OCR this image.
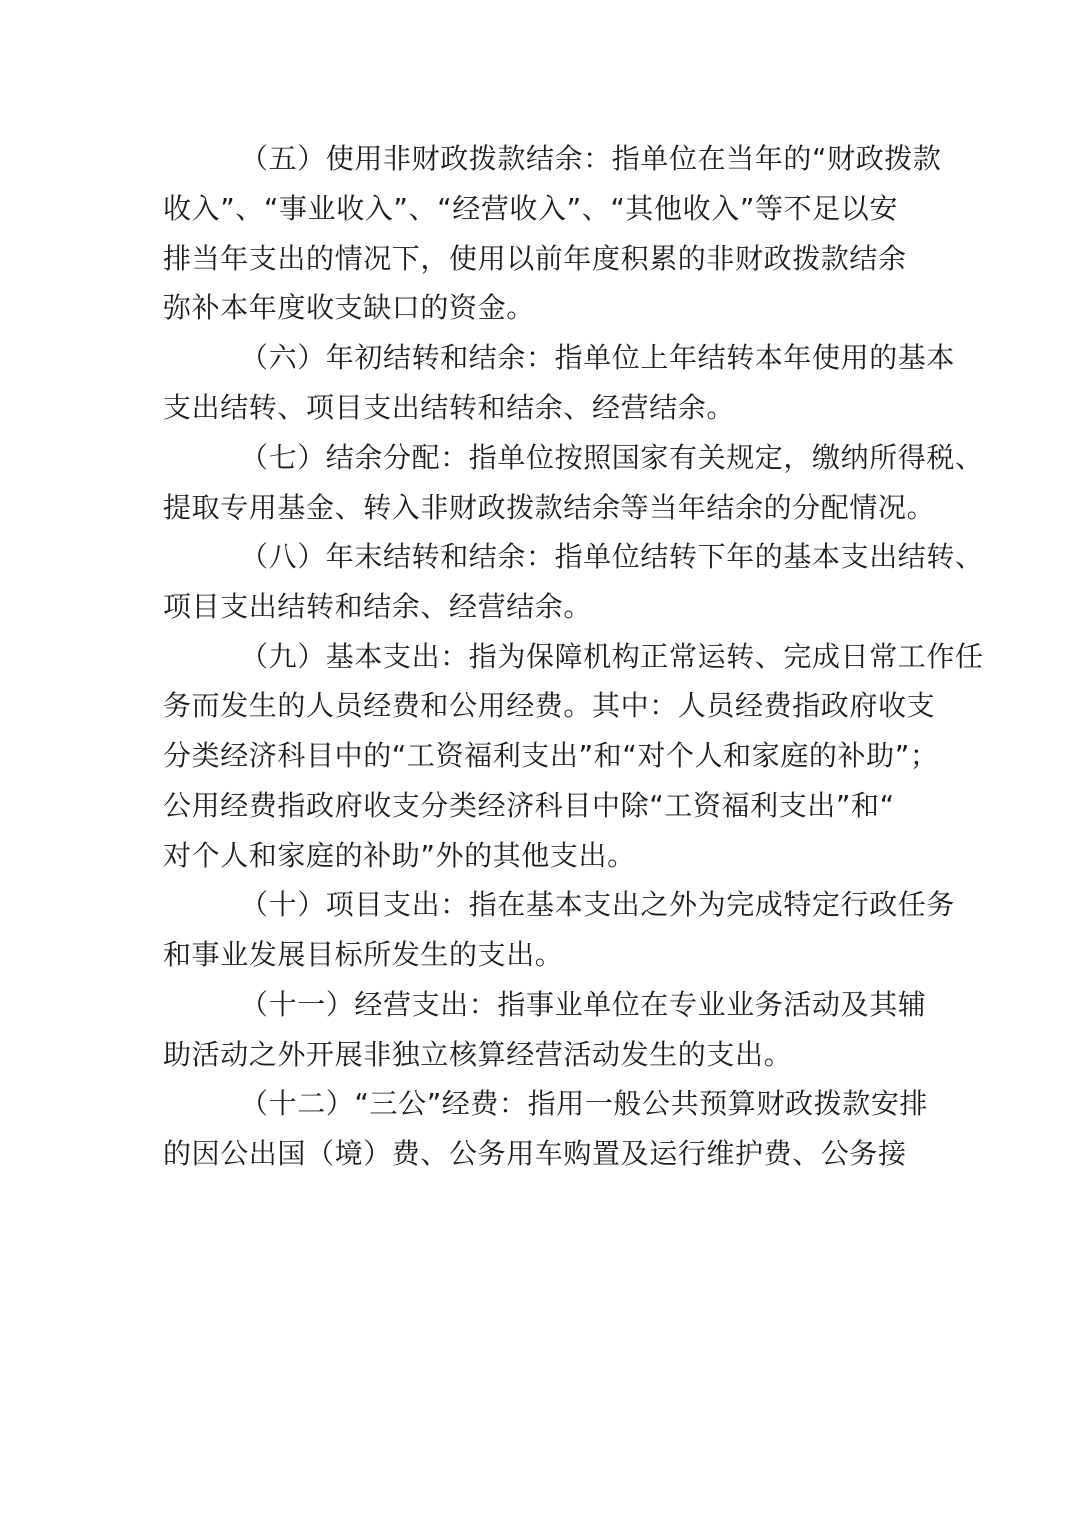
（五）使用非财政拨款结余：指单位在当年的“财政拨款
收入”、“事业收入”、“经营收入”、“其他收入”等不足以安
排当年支出的情况下，使用以前年度积累的非财政拨款结余
弥补本年度收支缺口的资金。
（六）年初结转和结余：指单位上年结转本年使用的基本
支出结转、项目支出结转和结余、经营结余。
（七）结余分配：指单位按照国家有关规定，缴纳所得税、
提取专用基金、转入非财政拨款结余等当年结余的分配情况。
（八）年末结转和结余：指单位结转下年的基本支出结转、
项目支出结转和结余、经营结余。
（九）基本支出：指为保障机构正常运转、完成日常工作任
务而发生的人员经费和公用经费。其中：人员经费指政府收支
分类经济科目中的“工资福利支出”和“对个人和家庭的补助”；
公用经费指政府收支分类经济科目中除“工资福利支出”和“
对个人和家庭的补助”外的其他支出。
（十）项目支出：指在基本支出之外为完成特定行政任务
和事业发展目标所发生的支出。
（十一）经营支出：指事业单位在专业业务活动及其辅
助活动之外开展非独立核算经营活动发生的支出。
（十二）“三公”经费：指用一般公共预算财政拨款安排
的因公出国（境）费、公务用车购置及运行维护费、公务接
